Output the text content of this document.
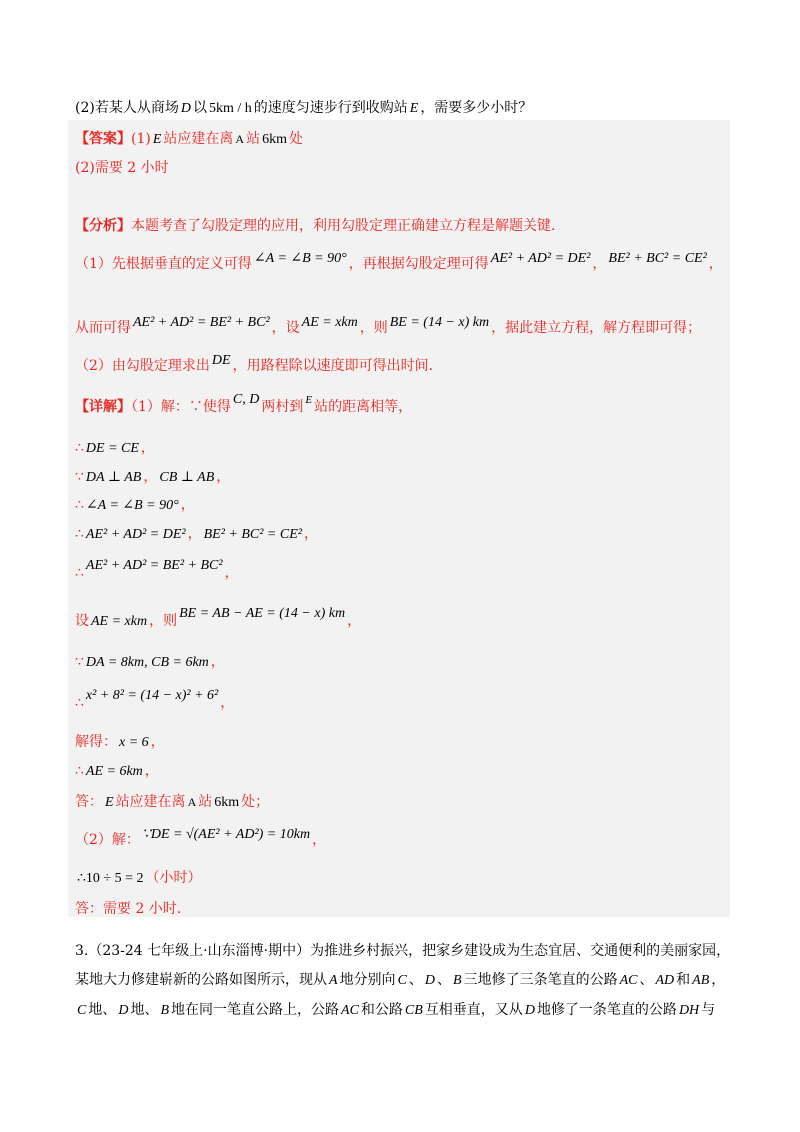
(2)若某人从商场 D 以 5km / h 的速度匀速步行到收购站 E ，需要多少小时？
【答案】(1) E 站应建在离 A 站 6km 处
(2)需要 2 小时
【分析】本题考查了勾股定理的应用，利用勾股定理正确建立方程是解题关键.
（1）先根据垂直的定义可得 ∠A = ∠B = 90° ，再根据勾股定理可得 AE² + AD² = DE² ， BE² + BC² = CE² ，
从而可得 AE² + AD² = BE² + BC² ，设 AE = xkm ，则 BE = (14 − x) km ，据此建立方程，解方程即可得；
（2）由勾股定理求出 DE ，用路程除以速度即可得出时间.
【详解】（1）解：∵使得 C, D 两村到 $^E$ 站的距离相等，
∴ DE = CE ，
∵ DA ⊥ AB ， CB ⊥ AB ，
∴ ∠A = ∠B = 90° ，
∴ AE² + AD² = DE² ， BE² + BC² = CE² ，
∴ AE² + AD² = BE² + BC² ，
设 AE = xkm ，则 BE = AB − AE = (14 − x) km ，
∵ DA = 8km, CB = 6km ，
∴ x² + 8² = (14 − x)² + 6² ，
解得： x = 6 ，
∴ AE = 6km ，
答： E 站应建在离 A 站 6km 处；
（2）解： ∵DE = √(AE² + AD²) = 10km ，
∴10 ÷ 5 = 2 （小时）
答：需要 2 小时.
3.（23-24 七年级上·山东淄博·期中）为推进乡村振兴，把家乡建设成为生态宜居、交通便利的美丽家园，
某地大力修建崭新的公路如图所示，现从 A 地分别向 C 、 D 、 B 三地修了三条笔直的公路 AC 、 AD 和 AB ，
C 地、 D 地、 B 地在同一笔直公路上，公路 AC 和公路 CB 互相垂直，又从 D 地修了一条笔直的公路 DH 与
